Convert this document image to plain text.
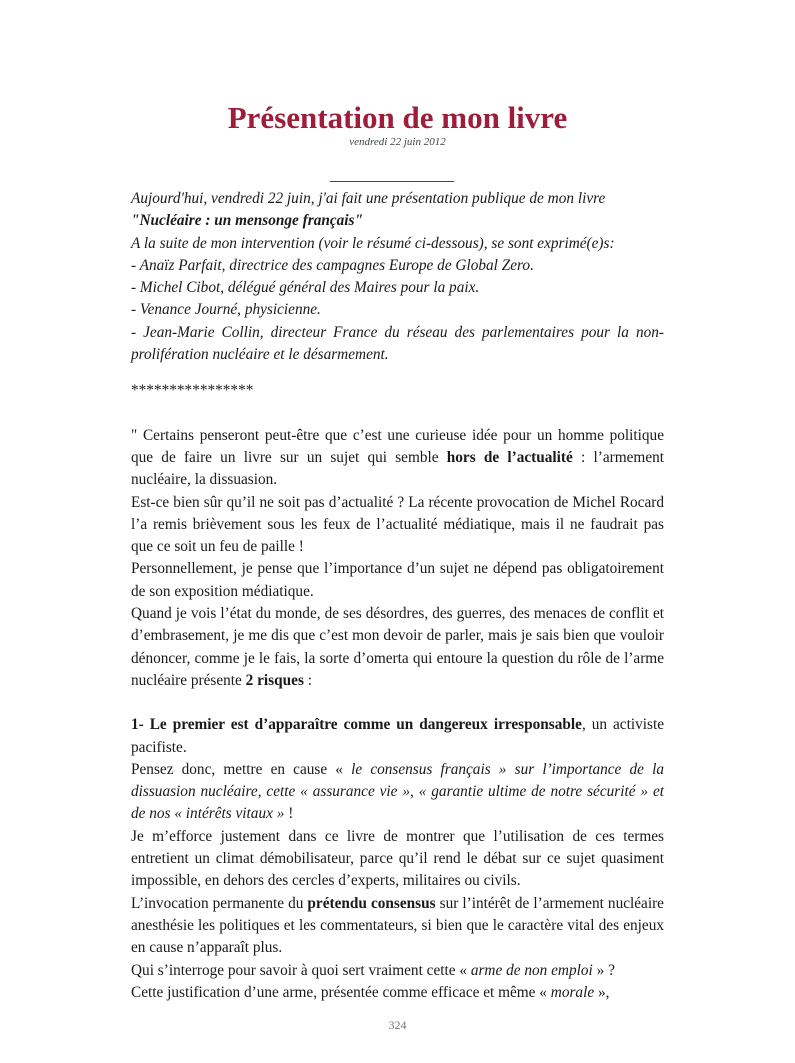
Présentation de mon livre
vendredi 22 juin 2012

Aujourd'hui, vendredi 22 juin, j'ai fait une présentation publique de mon livre

"Nucléaire : un mensonge français"

A la suite de mon intervention (voir le résumé ci-dessous), se sont exprimé(e)s:

- Anaïz Parfait, directrice des campagnes Europe de Global Zero.

- Michel Cibot, délégué général des Maires pour la paix.

- Venance Journé, physicienne.

- Jean-Marie Collin, directeur France du réseau des parlementaires pour la non- prolifération nucléaire et le désarmement.

****************

" Certains penseront peut-être que c’est une curieuse idée pour un homme politique que de faire un livre sur un sujet qui semble hors de l’actualité : l’armement nucléaire, la dissuasion.

Est-ce bien sûr qu’il ne soit pas d’actualité ? La récente provocation de Michel Rocard l’a remis brièvement sous les feux de l’actualité médiatique, mais il ne faudrait pas que ce soit un feu de paille !

Personnellement, je pense que l’importance d’un sujet ne dépend pas obligatoirement de son exposition médiatique.

Quand je vois l’état du monde, de ses désordres, des guerres, des menaces de conflit et d’embrasement, je me dis que c’est mon devoir de parler, mais je sais bien que vouloir dénoncer, comme je le fais, la sorte d’omerta qui entoure la question du rôle de l’arme nucléaire présente 2 risques :

1- Le premier est d’apparaître comme un dangereux irresponsable, un activiste pacifiste.

Pensez donc, mettre en cause « le consensus français » sur l’importance de la dissuasion nucléaire, cette « assurance vie », « garantie ultime de notre sécurité » et de nos « intérêts vitaux » !

Je m’efforce justement dans ce livre de montrer que l’utilisation de ces termes entretient un climat démobilisateur, parce qu’il rend le débat sur ce sujet quasiment impossible, en dehors des cercles d’experts, militaires ou civils.

L’invocation permanente du prétendu consensus sur l’intérêt de l’armement nucléaire anesthésie les politiques et les commentateurs, si bien que le caractère vital des enjeux en cause n’apparaît plus.

Qui s’interroge pour savoir à quoi sert vraiment cette « arme de non emploi » ?

Cette justification d’une arme, présentée comme efficace et même « morale »,

324
